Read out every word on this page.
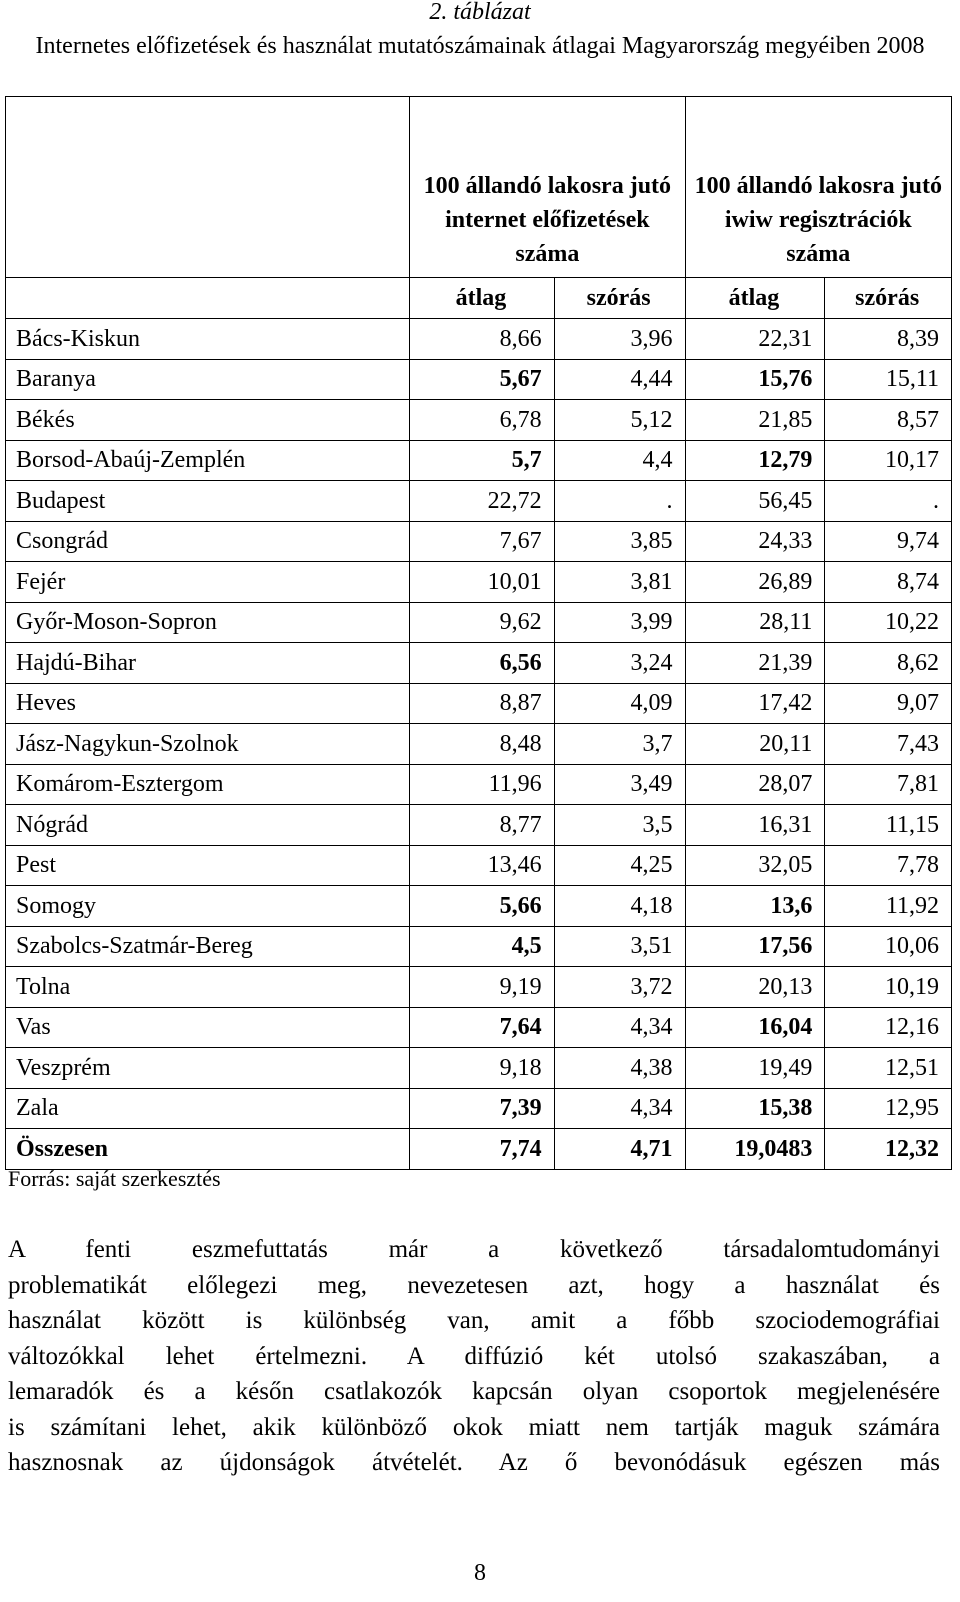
2. táblázat
Internetes előfizetések és használat mutatószámainak átlagai Magyarország megyéiben 2008
	100 állandó lakosra jutó internet előfizetések száma		100 állandó lakosra jutó iwiw regisztrációk száma	
	átlag	szórás	átlag	szórás
Bács-Kiskun	8,66	3,96	22,31	8,39
Baranya	5,67	4,44	15,76	15,11
Békés	6,78	5,12	21,85	8,57
Borsod-Abaúj-Zemplén	5,7	4,4	12,79	10,17
Budapest	22,72	.	56,45	.
Csongrád	7,67	3,85	24,33	9,74
Fejér	10,01	3,81	26,89	8,74
Győr-Moson-Sopron	9,62	3,99	28,11	10,22
Hajdú-Bihar	6,56	3,24	21,39	8,62
Heves	8,87	4,09	17,42	9,07
Jász-Nagykun-Szolnok	8,48	3,7	20,11	7,43
Komárom-Esztergom	11,96	3,49	28,07	7,81
Nógrád	8,77	3,5	16,31	11,15
Pest	13,46	4,25	32,05	7,78
Somogy	5,66	4,18	13,6	11,92
Szabolcs-Szatmár-Bereg	4,5	3,51	17,56	10,06
Tolna	9,19	3,72	20,13	10,19
Vas	7,64	4,34	16,04	12,16
Veszprém	9,18	4,38	19,49	12,51
Zala	7,39	4,34	15,38	12,95
Összesen	7,74	4,71	19,0483	12,32
Forrás: saját szerkesztés
A fenti eszmefuttatás már a következő társadalomtudományi
problematikát előlegezi meg, nevezetesen azt, hogy a használat és
használat között is különbség van, amit a főbb szociodemográfiai
változókkal lehet értelmezni. A diffúzió két utolsó szakaszában, a
lemaradók és a későn csatlakozók kapcsán olyan csoportok megjelenésére
is számítani lehet, akik különböző okok miatt nem tartják maguk számára
hasznosnak az újdonságok átvételét. Az ő bevonódásuk egészen más
8
